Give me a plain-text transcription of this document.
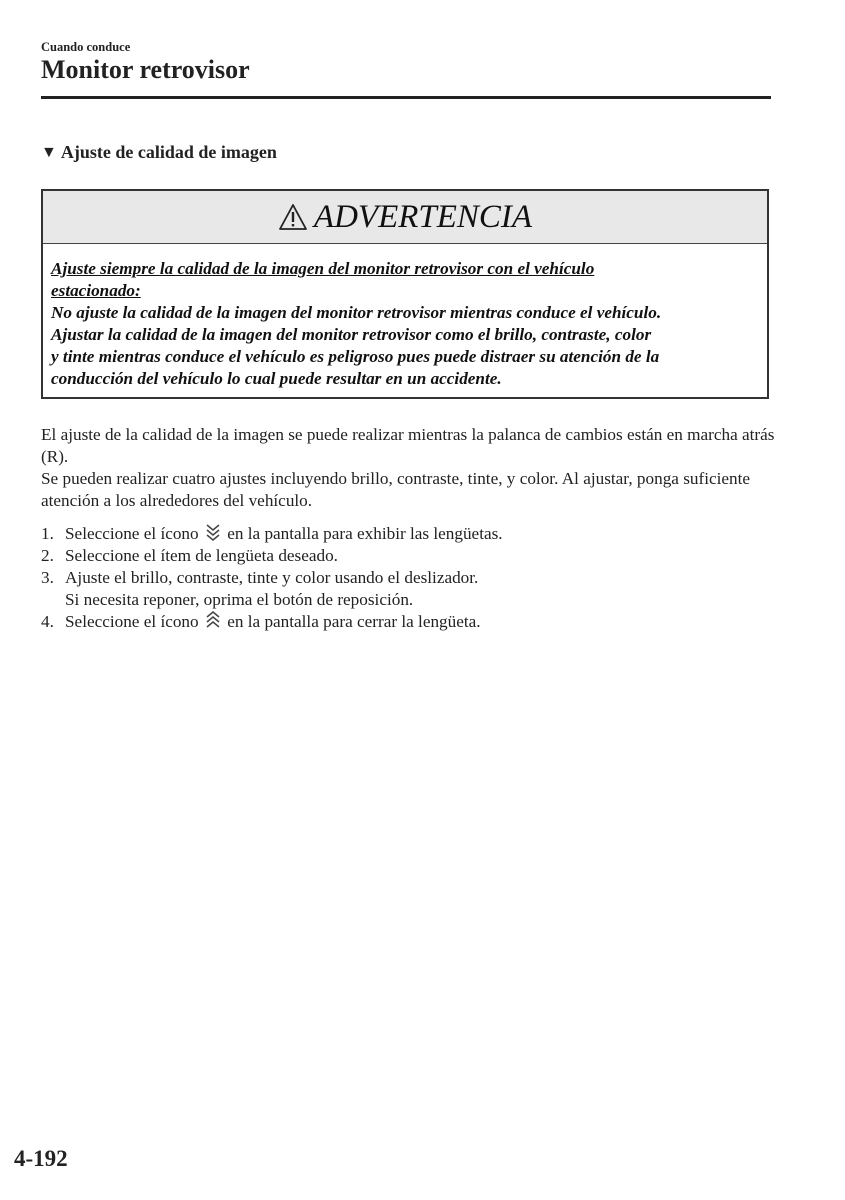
Cuando conduce
Monitor retrovisor
▼ Ajuste de calidad de imagen
ADVERTENCIA

Ajuste siempre la calidad de la imagen del monitor retrovisor con el vehículo

estacionado:

No ajuste la calidad de la imagen del monitor retrovisor mientras conduce el vehículo.

Ajustar la calidad de la imagen del monitor retrovisor como el brillo, contraste, color

y tinte mientras conduce el vehículo es peligroso pues puede distraer su atención de la

conducción del vehículo lo cual puede resultar en un accidente.

El ajuste de la calidad de la imagen se puede realizar mientras la palanca de cambios están en marcha atrás (R).

Se pueden realizar cuatro ajustes incluyendo brillo, contraste, tinte, y color. Al ajustar, ponga suficiente atención a los alrededores del vehículo.

1. Seleccione el ícono en la pantalla para exhibir las lengüetas.
2. Seleccione el ítem de lengüeta deseado.
3. Ajuste el brillo, contraste, tinte y color usando el deslizador.
Si necesita reponer, oprima el botón de reposición.
4. Seleccione el ícono en la pantalla para cerrar la lengüeta.
4-192
